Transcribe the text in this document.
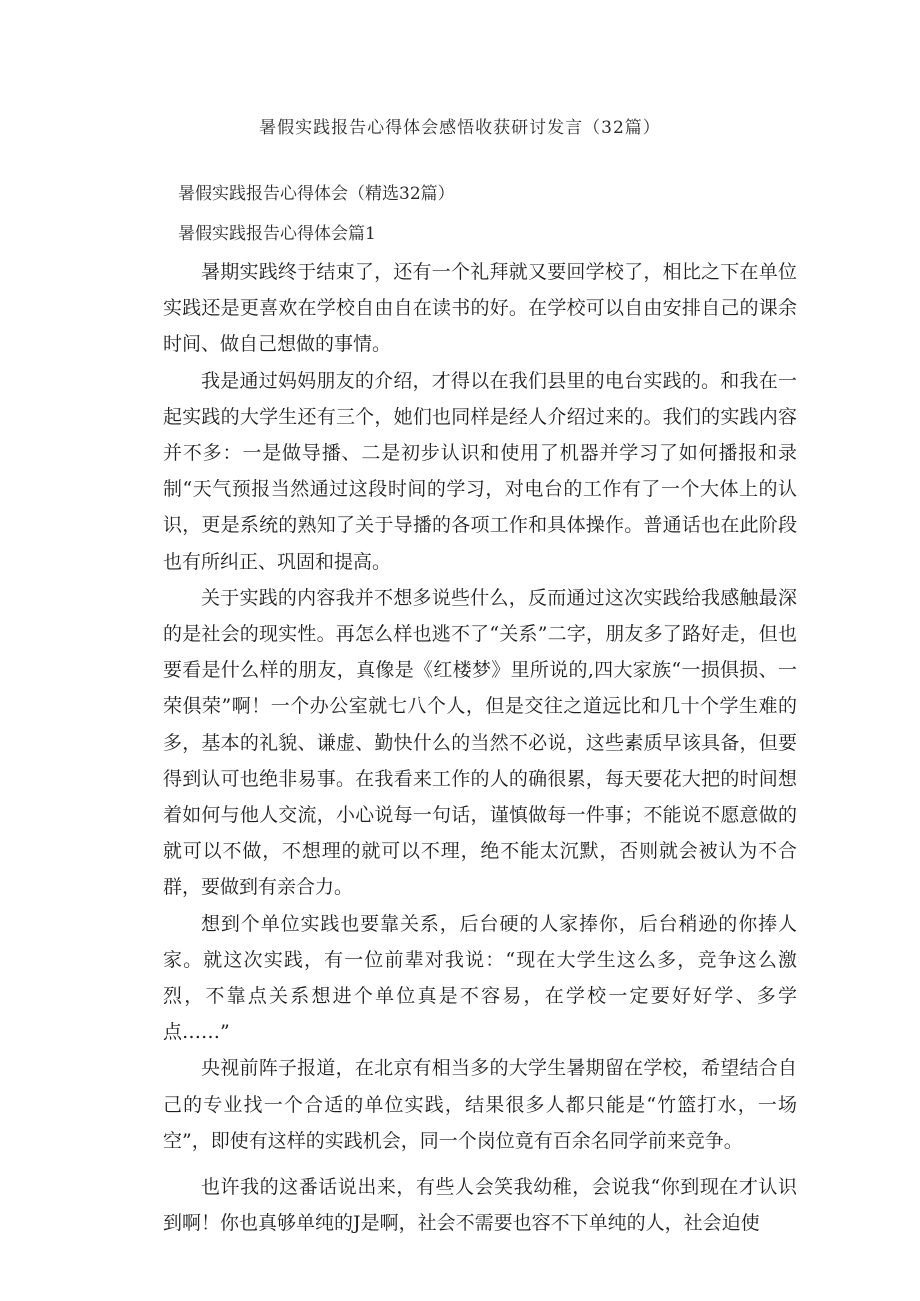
暑假实践报告心得体会感悟收获研讨发言（32篇）
暑假实践报告心得体会（精选32篇）
暑假实践报告心得体会篇1

暑期实践终于结束了，还有一个礼拜就又要回学校了，相比之下在单位实践还是更喜欢在学校自由自在读书的好。在学校可以自由安排自己的课余时间、做自己想做的事情。

我是通过妈妈朋友的介绍，才得以在我们县里的电台实践的。和我在一起实践的大学生还有三个，她们也同样是经人介绍过来的。我们的实践内容并不多：一是做导播、二是初步认识和使用了机器并学习了如何播报和录制“天气预报当然通过这段时间的学习，对电台的工作有了一个大体上的认识，更是系统的熟知了关于导播的各项工作和具体操作。普通话也在此阶段也有所纠正、巩固和提高。

关于实践的内容我并不想多说些什么，反而通过这次实践给我感触最深的是社会的现实性。再怎么样也逃不了“关系”二字，朋友多了路好走，但也要看是什么样的朋友，真像是《红楼梦》里所说的,四大家族“一损俱损、一荣俱荣”啊！一个办公室就七八个人，但是交往之道远比和几十个学生难的多，基本的礼貌、谦虚、勤快什么的当然不必说，这些素质早该具备，但要得到认可也绝非易事。在我看来工作的人的确很累，每天要花大把的时间想着如何与他人交流，小心说每一句话，谨慎做每一件事；不能说不愿意做的就可以不做，不想理的就可以不理，绝不能太沉默，否则就会被认为不合群，要做到有亲合力。

想到个单位实践也要靠关系，后台硬的人家捧你，后台稍逊的你捧人家。就这次实践，有一位前辈对我说：“现在大学生这么多，竞争这么激烈，不靠点关系想进个单位真是不容易，在学校一定要好好学、多学点……”

央视前阵子报道，在北京有相当多的大学生暑期留在学校，希望结合自己的专业找一个合适的单位实践，结果很多人都只能是“竹篮打水，一场空”，即使有这样的实践机会，同一个岗位竟有百余名同学前来竞争。

也许我的这番话说出来，有些人会笑我幼稚，会说我“你到现在才认识到啊！你也真够单纯的J是啊，社会不需要也容不下单纯的人，社会迫使
